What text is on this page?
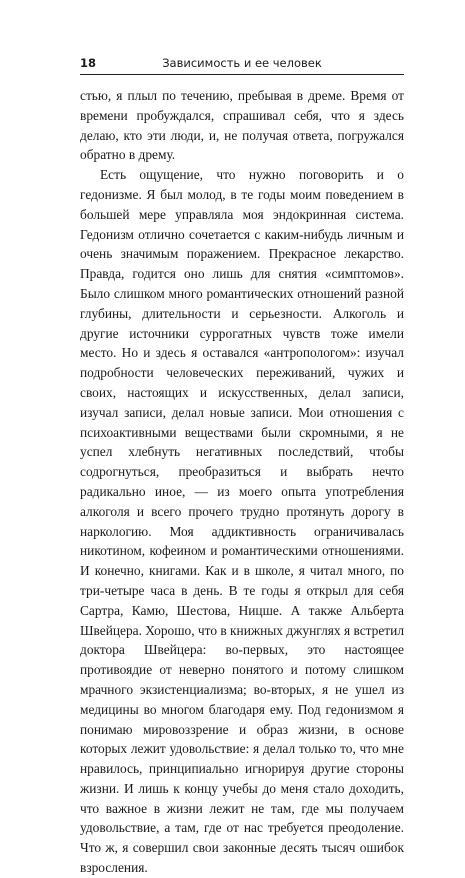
18	Зависимость и ее человек

стью, я плыл по течению, пребывая в дреме. Время от времени пробуждался, спрашивал себя, что я здесь делаю, кто эти люди, и, не получая ответа, погружался обратно в дрему.

Есть ощущение, что нужно поговорить и о гедонизме. Я был молод, в те годы моим поведением в большей мере управляла моя эндокринная система. Гедонизм отлично сочетается с каким-нибудь личным и очень значимым поражением. Прекрасное лекарство. Правда, годится оно лишь для снятия «симптомов». Было слишком много романтических отношений разной глубины, длительности и серьезности. Алкоголь и другие источники суррогатных чувств тоже имели место. Но и здесь я оставался «антропологом»: изучал подробности человеческих переживаний, чужих и своих, настоящих и искусственных, делал записи, изучал записи, делал новые записи. Мои отношения с психоактивными веществами были скромными, я не успел хлебнуть негативных последствий, чтобы содрогнуться, преобразиться и выбрать нечто радикально иное, — из моего опыта употребления алкоголя и всего прочего трудно протянуть дорогу в наркологию. Моя аддиктивность ограничивалась никотином, кофеином и романтическими отношениями. И конечно, книгами. Как и в школе, я читал много, по три-четыре часа в день. В те годы я открыл для себя Сартра, Камю, Шестова, Ницше. А также Альберта Швейцера. Хорошо, что в книжных джунглях я встретил доктора Швейцера: во-первых, это настоящее противоядие от неверно понятого и потому слишком мрачного экзистенциализма; во-вторых, я не ушел из медицины во многом благодаря ему. Под гедонизмом я понимаю мировоззрение и образ жизни, в основе которых лежит удовольствие: я делал только то, что мне нравилось, принципиально игнорируя другие стороны жизни. И лишь к концу учебы до меня стало доходить, что важное в жизни лежит не там, где мы получаем удовольствие, а там, где от нас требуется преодоление. Что ж, я совершил свои законные десять тысяч ошибок взросления.
